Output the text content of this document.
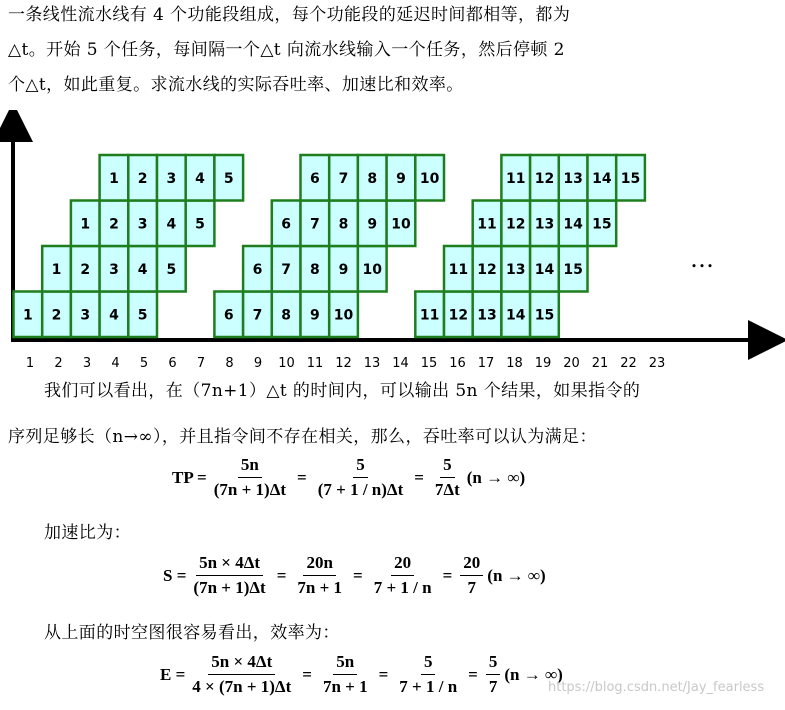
一条线性流水线有 4 个功能段组成，每个功能段的延迟时间都相等，都为
△t。开始 5 个任务，每间隔一个△t 向流水线输入一个任务，然后停顿 2
个△t，如此重复。求流水线的实际吞吐率、加速比和效率。
1 2 3 4 5
1 2 3 4 5
1 2 3 4 5
1 2 3 4 5
6 7 8 9 10
6 7 8 9 10
6 7 8 9 10
6 7 8 9 10
11 12 13 14 15
11 12 13 14 15
11 12 13 14 15
11 12 13 14 15
1 2 3 4 5 6 7 8 9 10 11 12 13 14 15 16 17 18 19 20 21 22 23
…
我们可以看出，在（7n+1）△t 的时间内，可以输出 5n 个结果，如果指令的
序列足够长（n→∞），并且指令间不存在相关，那么，吞吐率可以认为满足：
TP = $\frac{5n}{(7n + 1)\Delta t} = \frac{5}{(7 + 1 / n)\Delta t} = \frac{5}{7\Delta t} (n$ → ∞)
加速比为：
$S = \frac{5n \times 4\Delta t}{(7n + 1)\Delta t} = \frac{20n}{7n + 1} = \frac{20}{7 + 1 / n} = \frac{20}{7} (n$ → ∞)
从上面的时空图很容易看出，效率为：
$E = \frac{5n \times 4\Delta t}{4 \times (7n + 1)\Delta t} = \frac{5n}{7n + 1} = \frac{5}{7 + 1 / n} = \frac{5}{7} (n$ → ∞)
https://blog.csdn.net/Jay_fearless
